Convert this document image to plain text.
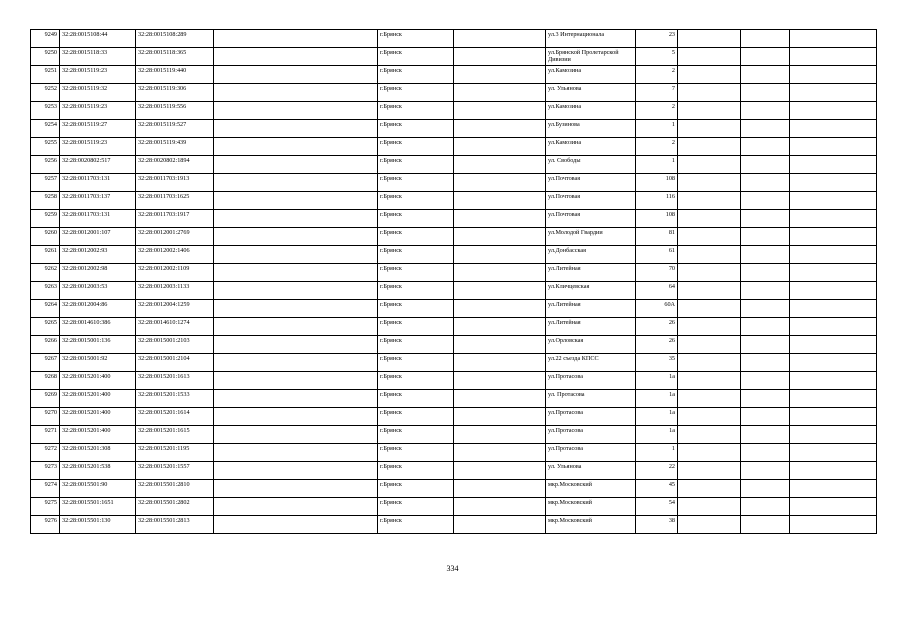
9249	32:28:0015108:44	32:28:0015108:289		г.Брянск		ул.3 Интернационала	23			
9250	32:28:0015118:33	32:28:0015118:365		г.Брянск		ул.Брянской Пролетарской Дивизии	5			
9251	32:28:0015119:23	32:28:0015119:440		г.Брянск		ул.Камозина	2			
9252	32:28:0015119:32	32:28:0015119:306		г.Брянск		ул. Ульянова	7			
9253	32:28:0015119:23	32:28:0015119:556		г.Брянск		ул.Камозина	2			
9254	32:28:0015119:27	32:28:0015119:527		г.Брянск		ул.Бузинова	1			
9255	32:28:0015119:23	32:28:0015119:439		г.Брянск		ул.Камозина	2			
9256	32:28:0020802:517	32:28:0020802:1894		г.Брянск		ул. Свободы	1			
9257	32:28:0011703:131	32:28:0011703:1913		г.Брянск		ул.Почтовая	108			
9258	32:28:0011703:137	32:28:0011703:1625		г.Брянск		ул.Почтовая	116			
9259	32:28:0011703:131	32:28:0011703:1917		г.Брянск		ул.Почтовая	108			
9260	32:28:0012001:107	32:28:0012001:2769		г.Брянск		ул.Молодой Гвардии	81			
9261	32:28:0012002:93	32:28:0012002:1406		г.Брянск		ул.Донбасская	61			
9262	32:28:0012002:98	32:28:0012002:1109		г.Брянск		ул.Литейная	70			
9263	32:28:0012003:53	32:28:0012003:1133		г.Брянск		ул.Кличцевская	64			
9264	32:28:0012004:86	32:28:0012004:1259		г.Брянск		ул.Литейная	60А			
9265	32:28:0014610:386	32:28:0014610:1274		г.Брянск		ул.Литейная	26			
9266	32:28:0015001:136	32:28:0015001:2103		г.Брянск		ул.Орловская	26			
9267	32:28:0015001:92	32:28:0015001:2104		г.Брянск		ул.22 съезда КПСС	35			
9268	32:28:0015201:400	32:28:0015201:1613		г.Брянск		ул.Протасова	1а			
9269	32:28:0015201:400	32:28:0015201:1533		г.Брянск		ул. Протасова	1а			
9270	32:28:0015201:400	32:28:0015201:1614		г.Брянск		ул.Протасова	1а			
9271	32:28:0015201:400	32:28:0015201:1615		г.Брянск		ул.Протасова	1а			
9272	32:28:0015201:308	32:28:0015201:1195		г.Брянск		ул.Протасова	1			
9273	32:28:0015201:538	32:28:0015201:1557		г.Брянск		ул. Ульянова	22			
9274	32:28:0015501:90	32:28:0015501:2810		г.Брянск		мкр.Московский	45			
9275	32:28:0015501:1651	32:28:0015501:2802		г.Брянск		мкр.Московский	54			
9276	32:28:0015501:130	32:28:0015501:2813		г.Брянск		мкр.Московский	38			
334
